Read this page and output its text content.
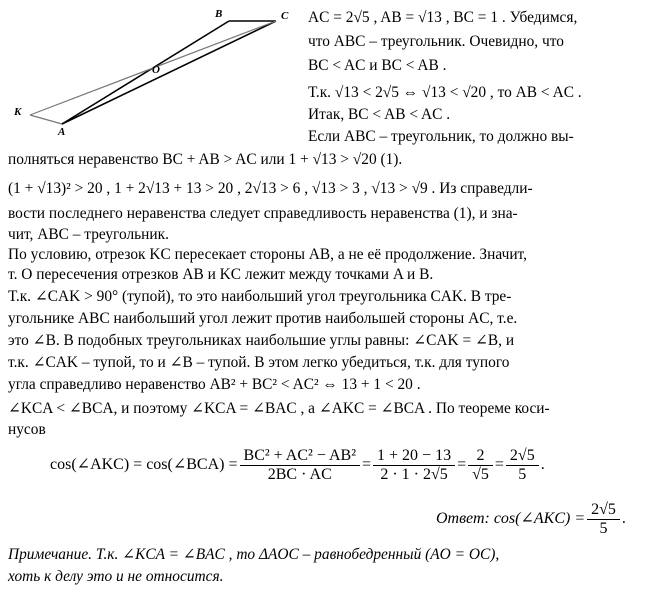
B	C
O
K
A
AC = 2√5 , AB = √13 , BC = 1 . Убедимся,
что ABC – треугольник. Очевидно, что
BC < AC и BC < AB .
Т.к. √13 < 2√5 ⇔ √13 < √20 , то AB < AC .
Итак, BC < AB < AC .
Если ABC – треугольник, то должно вы-
полняться неравенство BC + AB > AC или 1 + √13 > √20 (1).
(1 + √13)² > 20 , 1 + 2√13 + 13 > 20 , 2√13 > 6 , √13 > 3 , √13 > √9 . Из справедли-
вости последнего неравенства следует справедливость неравенства (1), и зна-
чит, ABC – треугольник.
По условию, отрезок KC пересекает стороны AB, а не её продолжение. Значит,
т. O пересечения отрезков AB и KC лежит между точками A и B.
Т.к. ∠CAK > 90° (тупой), то это наибольший угол треугольника CAK. В тре-
угольнике ABC наибольший угол лежит против наибольшей стороны AC, т.е.
это ∠B. В подобных треугольниках наибольшие углы равны: ∠CAK = ∠B, и
т.к. ∠CAK – тупой, то и ∠B – тупой. В этом легко убедиться, т.к. для тупого
угла справедливо неравенство AB² + BC² < AC² ⇔ 13 + 1 < 20 .
∠KCA < ∠BCA, и поэтому ∠KCA = ∠BAC , а ∠AKC = ∠BCA . По теореме коси-
нусов
cos(∠AKC) = cos(∠BCA) = $\frac{\text{BC² + AC² − AB²}}{2BC \cdot AC} = \frac{1 + 20 - 13}{2 \cdot 1 \cdot 2√5} = \frac{2}{√5} = \frac{2√5}{5}$ .
Ответ : cos(∠AKC) = $\frac{2√5}{5}$ .
Примечание. Т.к. ∠KCA = ∠BAC , то ΔAOC – равнобедренный (AO = OC),
хоть к делу это и не относится.
